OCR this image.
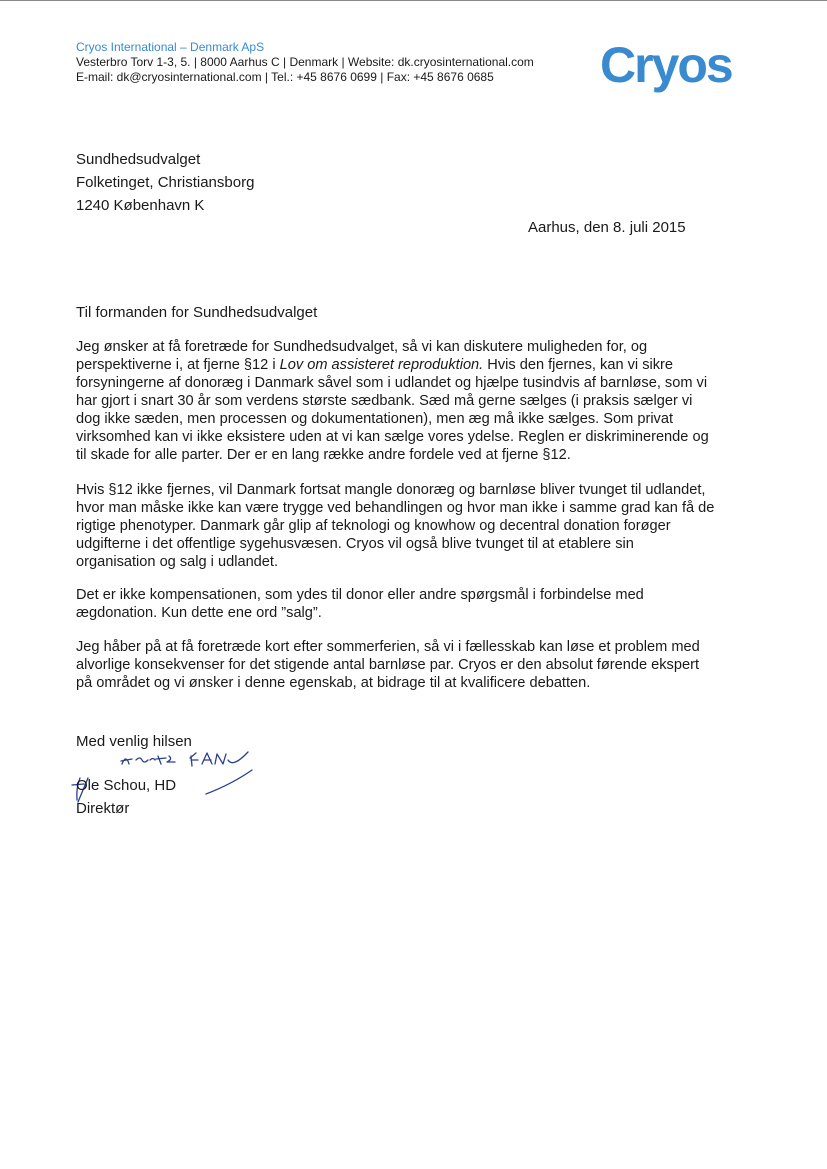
Cryos International – Denmark ApS
Vesterbro Torv 1-3, 5. | 8000 Aarhus C | Denmark | Website: dk.cryosinternational.com
E-mail: dk@cryosinternational.com | Tel.: +45 8676 0699 | Fax: +45 8676 0685	Cryos
Sundhedsudvalget
Folketinget, Christiansborg
1240 København K
Aarhus, den 8. juli 2015
Til formanden for Sundhedsudvalget
Jeg ønsker at få foretræde for Sundhedsudvalget, så vi kan diskutere muligheden for, og
perspektiverne i, at fjerne §12 i Lov om assisteret reproduktion. Hvis den fjernes, kan vi sikre
forsyningerne af donoræg i Danmark såvel som i udlandet og hjælpe tusindvis af barnløse, som vi
har gjort i snart 30 år som verdens største sædbank. Sæd må gerne sælges (i praksis sælger vi
dog ikke sæden, men processen og dokumentationen), men æg må ikke sælges. Som privat
virksomhed kan vi ikke eksistere uden at vi kan sælge vores ydelse. Reglen er diskriminerende og
til skade for alle parter. Der er en lang række andre fordele ved at fjerne §12.
Hvis §12 ikke fjernes, vil Danmark fortsat mangle donoræg og barnløse bliver tvunget til udlandet,
hvor man måske ikke kan være trygge ved behandlingen og hvor man ikke i samme grad kan få de
rigtige phenotyper. Danmark går glip af teknologi og knowhow og decentral donation forøger
udgifterne i det offentlige sygehusvæsen. Cryos vil også blive tvunget til at etablere sin
organisation og salg i udlandet.
Det er ikke kompensationen, som ydes til donor eller andre spørgsmål i forbindelse med
ægdonation. Kun dette ene ord ”salg”.
Jeg håber på at få foretræde kort efter sommerferien, så vi i fællesskab kan løse et problem med
alvorlige konsekvenser for det stigende antal barnløse par. Cryos er den absolut førende ekspert
på området og vi ønsker i denne egenskab, at bidrage til at kvalificere debatten.
Med venlig hilsen
Ole Schou, HD
Direktør
